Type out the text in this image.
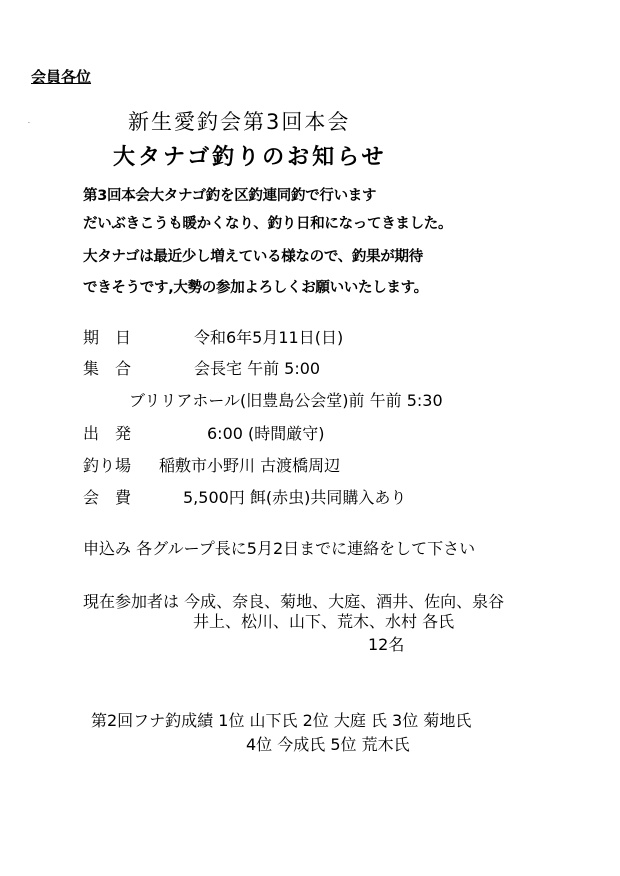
会員各位
·	新生愛釣会第3回本会
大タナゴ釣りのお知らせ
第3回本会大タナゴ釣を区釣連同釣で行います
だいぶきこうも暖かくなり、釣り日和になってきました。
大タナゴは最近少し増えている様なので、釣果が期待
できそうです,大勢の参加よろしくお願いいたします。
期　日	令和6年5月11日(日)
集　合	会長宅 午前 5:00
ブリリアホール(旧豊島公会堂)前 午前 5:30
出　発	6:00 (時間厳守)
釣り場 稲敷市小野川 古渡橋周辺
会　費	5,500円 餌(赤虫)共同購入あり
申込み 各グループ長に5月2日までに連絡をして下さい
現在参加者は 今成、奈良、菊地、大庭、酒井、佐向、泉谷
井上、松川、山下、荒木、水村 各氏
12名
第2回フナ釣成績 1位 山下氏 2位 大庭 氏 3位 菊地氏
4位 今成氏 5位 荒木氏
